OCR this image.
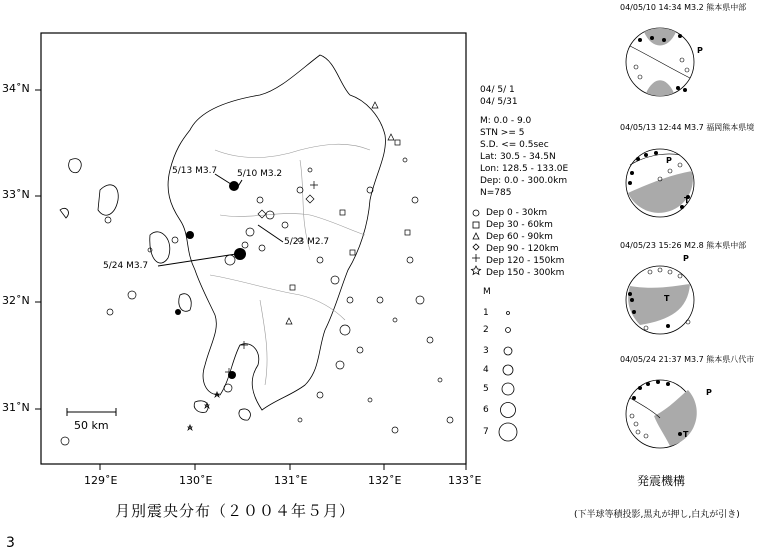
34˚N
33˚N
32˚N
31˚N
129˚E	130˚E	131˚E	132˚E	133˚E
5/13 M3.7 5/10 M3.2
5/23 M2.7
5/24 M3.7
50 km
04/ 5/ 1
04/ 5/31
M: 0.0 - 9.0
STN >= 5
S.D. <= 0.5sec
Lat: 30.5 - 34.5N
Lon: 128.5 - 133.0E
Dep: 0.0 - 300.0km
N=785
Dep 0 - 30km
Dep 30 - 60km
Dep 60 - 90km
Dep 90 - 120km
Dep 120 - 150km
Dep 150 - 300km
M
1
2
3
4
5
6
7
04/05/10 14:34 M3.2 熊本県中部
04/05/13 12:44 M3.7 福岡熊本県境
04/05/23 15:26 M2.8 熊本県中部
04/05/24 21:37 M3.7 熊本県八代市
P
P
T
P
T
P
T
月別震央分布（２００４年５月）
発震機構
(下半球等積投影,黒丸が押し,白丸が引き)
3
